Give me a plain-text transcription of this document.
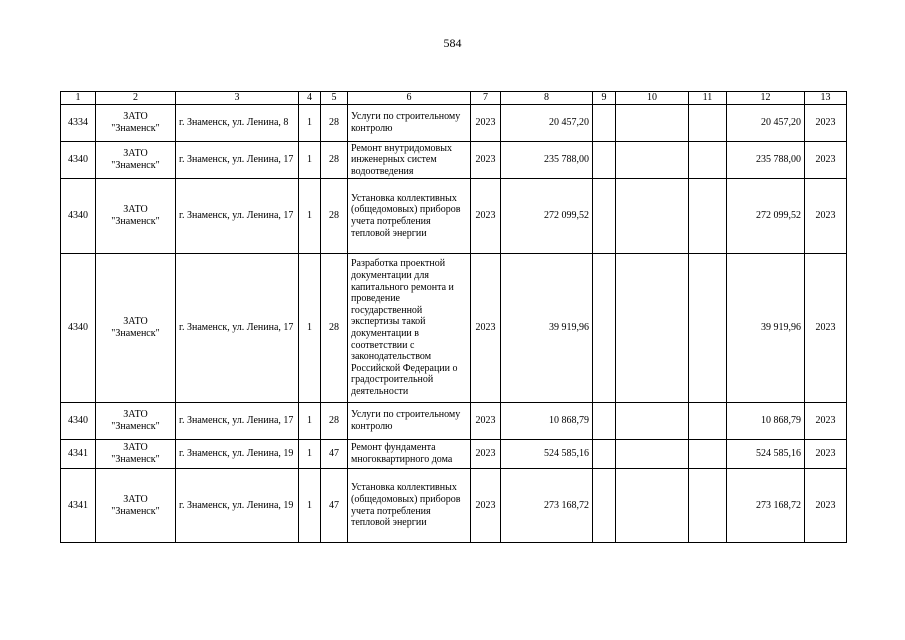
584
1	2	3	4	5	6	7	8	9	10	11	12	13
4334	ЗАТО "Знаменск"	г. Знаменск, ул. Ленина, 8	1	28	Услуги по строительному контролю	2023	20 457,20				20 457,20	2023
4340	ЗАТО "Знаменск"	г. Знаменск, ул. Ленина, 17	1	28	Ремонт внутридомовых инженерных систем водоотведения	2023	235 788,00				235 788,00	2023
4340	ЗАТО "Знаменск"	г. Знаменск, ул. Ленина, 17	1	28	Установка коллективных (общедомовых) приборов учета потребления тепловой энергии	2023	272 099,52				272 099,52	2023
4340	ЗАТО "Знаменск"	г. Знаменск, ул. Ленина, 17	1	28	Разработка проектной документации для капитального ремонта и проведение государственной экспертизы такой документации в соответствии с законодательством Российской Федерации о градостроительной деятельности	2023	39 919,96				39 919,96	2023
4340	ЗАТО "Знаменск"	г. Знаменск, ул. Ленина, 17	1	28	Услуги по строительному контролю	2023	10 868,79				10 868,79	2023
4341	ЗАТО "Знаменск"	г. Знаменск, ул. Ленина, 19	1	47	Ремонт фундамента многоквартирного дома	2023	524 585,16				524 585,16	2023
4341	ЗАТО "Знаменск"	г. Знаменск, ул. Ленина, 19	1	47	Установка коллективных (общедомовых) приборов учета потребления тепловой энергии	2023	273 168,72				273 168,72	2023
